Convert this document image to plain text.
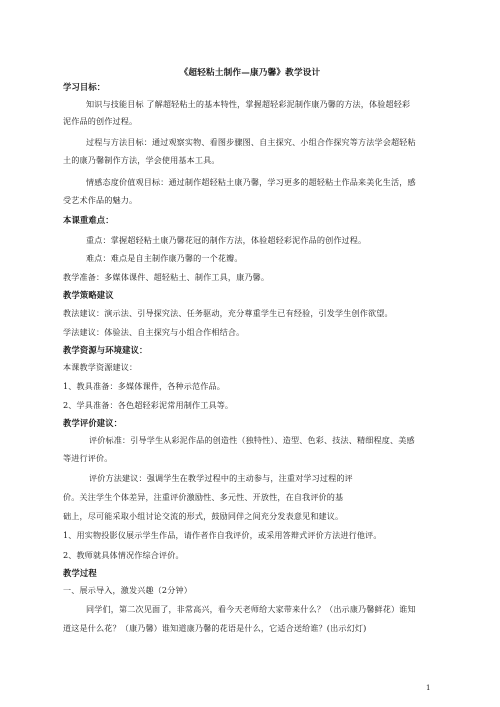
《超轻粘土制作—康乃馨》教学设计
学习目标：
知识与技能目标 了解超轻粘土的基本特性，掌握超轻彩泥制作康乃馨的方法，体验超轻彩
泥作品的创作过程。
过程与方法目标：通过观察实物、看图步骤图、自主探究、小组合作探究等方法学会超轻粘
土的康乃馨制作方法，学会使用基本工具。
情感态度价值观目标：通过制作超轻粘土康乃馨，学习更多的超轻粘土作品来美化生活，感
受艺术作品的魅力。
本课重难点：
重点：掌握超轻粘土康乃馨花冠的制作方法，体验超轻彩泥作品的创作过程。
难点：难点是自主制作康乃馨的一个花瓣。
教学准备：多媒体课件、超轻粘土、制作工具，康乃馨。
教学策略建议
教法建议：演示法、引导探究法、任务驱动，充分尊重学生已有经验，引发学生创作欲望。
学法建议：体验法、自主探究与小组合作相结合。
教学资源与环境建议：
本课教学资源建议：
1、教具准备：多媒体课件，各种示范作品。
2、学具准备：各色超轻彩泥常用制作工具等。
教学评价建议：
评价标准：引导学生从彩泥作品的创造性（独特性）、造型、色彩、技法、精细程度、美感
等进行评价。
评价方法建议：强调学生在教学过程中的主动参与，注重对学习过程的评
价。关注学生个体差异，注重评价激励性、多元性、开放性，在自我评价的基
础上，尽可能采取小组讨论交流的形式，鼓励同伴之间充分发表意见和建议。
1、用实物投影仪展示学生作品，请作者作自我评价，或采用答辩式评价方法进行他评。
2、教师就具体情况作综合评价。
教学过程
一、展示导入，激发兴趣（2分钟）
同学们，第二次见面了，非常高兴，看今天老师给大家带来什么？（出示康乃馨鲜花）谁知
道这是什么花？（康乃馨）谁知道康乃馨的花语是什么，它适合送给谁？(出示幻灯)
1
